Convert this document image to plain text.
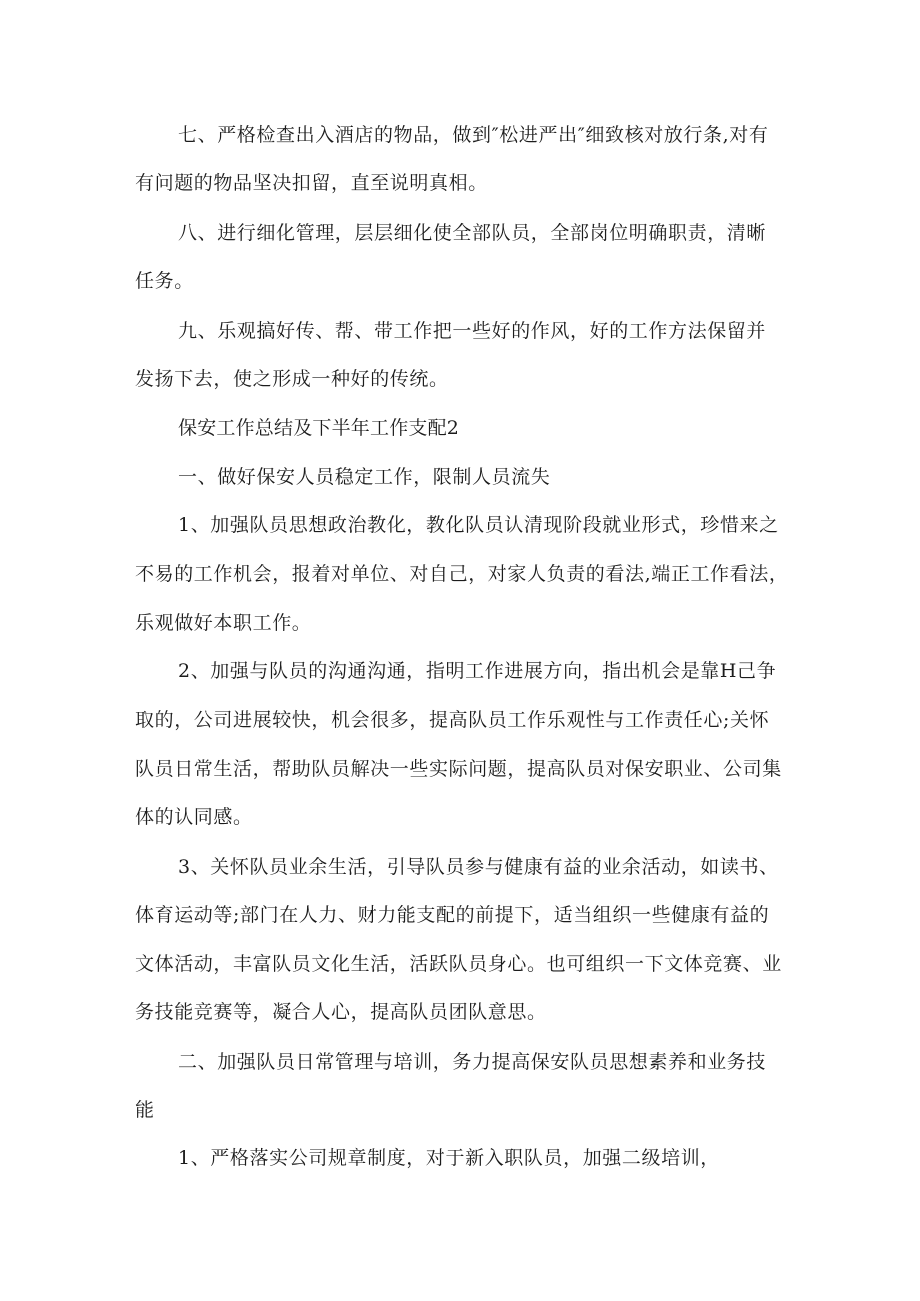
七、严格检查出入酒店的物品，做到″松进严出″细致核对放行条,对有
有问题的物品坚决扣留，直至说明真相。
八、进行细化管理，层层细化使全部队员，全部岗位明确职责，清晰
任务。
九、乐观搞好传、帮、带工作把一些好的作风，好的工作方法保留并
发扬下去，使之形成一种好的传统。
保安工作总结及下半年工作支配2
一、做好保安人员稳定工作，限制人员流失
1、加强队员思想政治教化，教化队员认清现阶段就业形式，珍惜来之
不易的工作机会，报着对单位、对自己，对家人负责的看法,端正工作看法，
乐观做好本职工作。
2、加强与队员的沟通沟通，指明工作进展方向，指出机会是靠H己争
取的，公司进展较快，机会很多，提高队员工作乐观性与工作责任心;关怀
队员日常生活，帮助队员解决一些实际问题，提高队员对保安职业、公司集
体的认同感。
3、关怀队员业余生活，引导队员参与健康有益的业余活动，如读书、
体育运动等;部门在人力、财力能支配的前提下，适当组织一些健康有益的
文体活动，丰富队员文化生活，活跃队员身心。也可组织一下文体竞赛、业
务技能竞赛等，凝合人心，提高队员团队意思。
二、加强队员日常管理与培训，务力提高保安队员思想素养和业务技
能
1、严格落实公司规章制度，对于新入职队员，加强二级培训，
